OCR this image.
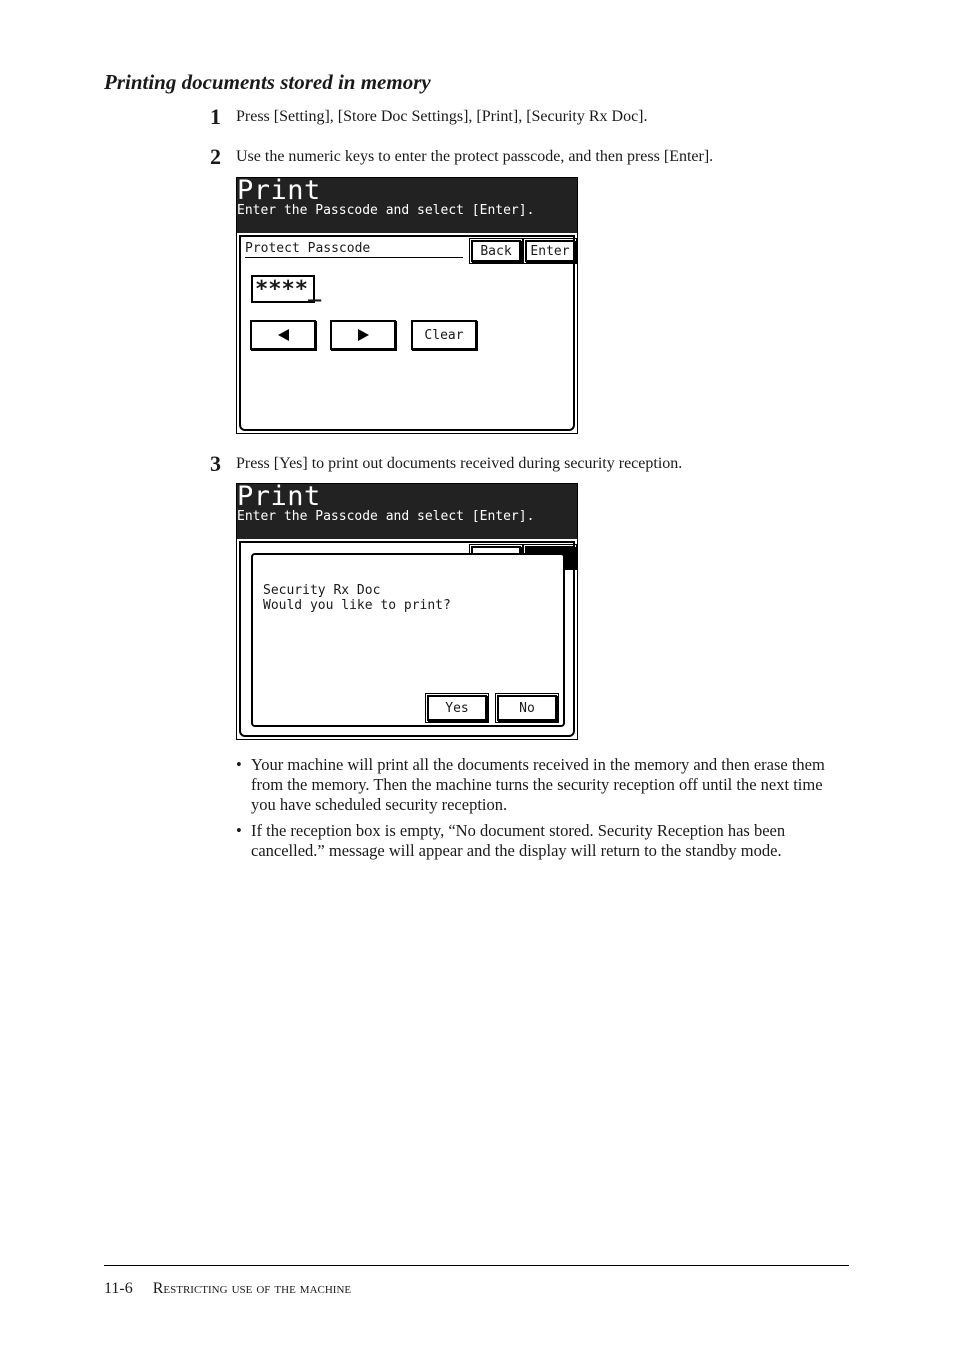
Printing documents stored in memory
1 Press [Setting], [Store Doc Settings], [Print], [Security Rx Doc].
2 Use the numeric keys to enter the protect passcode, and then press [Enter].
Print
Enter the Passcode and select [Enter].
Protect Passcode	Back	Enter
****_
Clear
3 Press [Yes] to print out documents received during security reception.
Print
Enter the Passcode and select [Enter].
Security Rx Doc
Would you like to print?
Yes	No
• Your machine will print all the documents received in the memory and then erase them from the memory. Then the machine turns the security reception off until the next time you have scheduled security reception.
• If the reception box is empty, “No document stored. Security Reception has been cancelled.” message will appear and the display will return to the standby mode.
11-6 Restricting use of the machine
